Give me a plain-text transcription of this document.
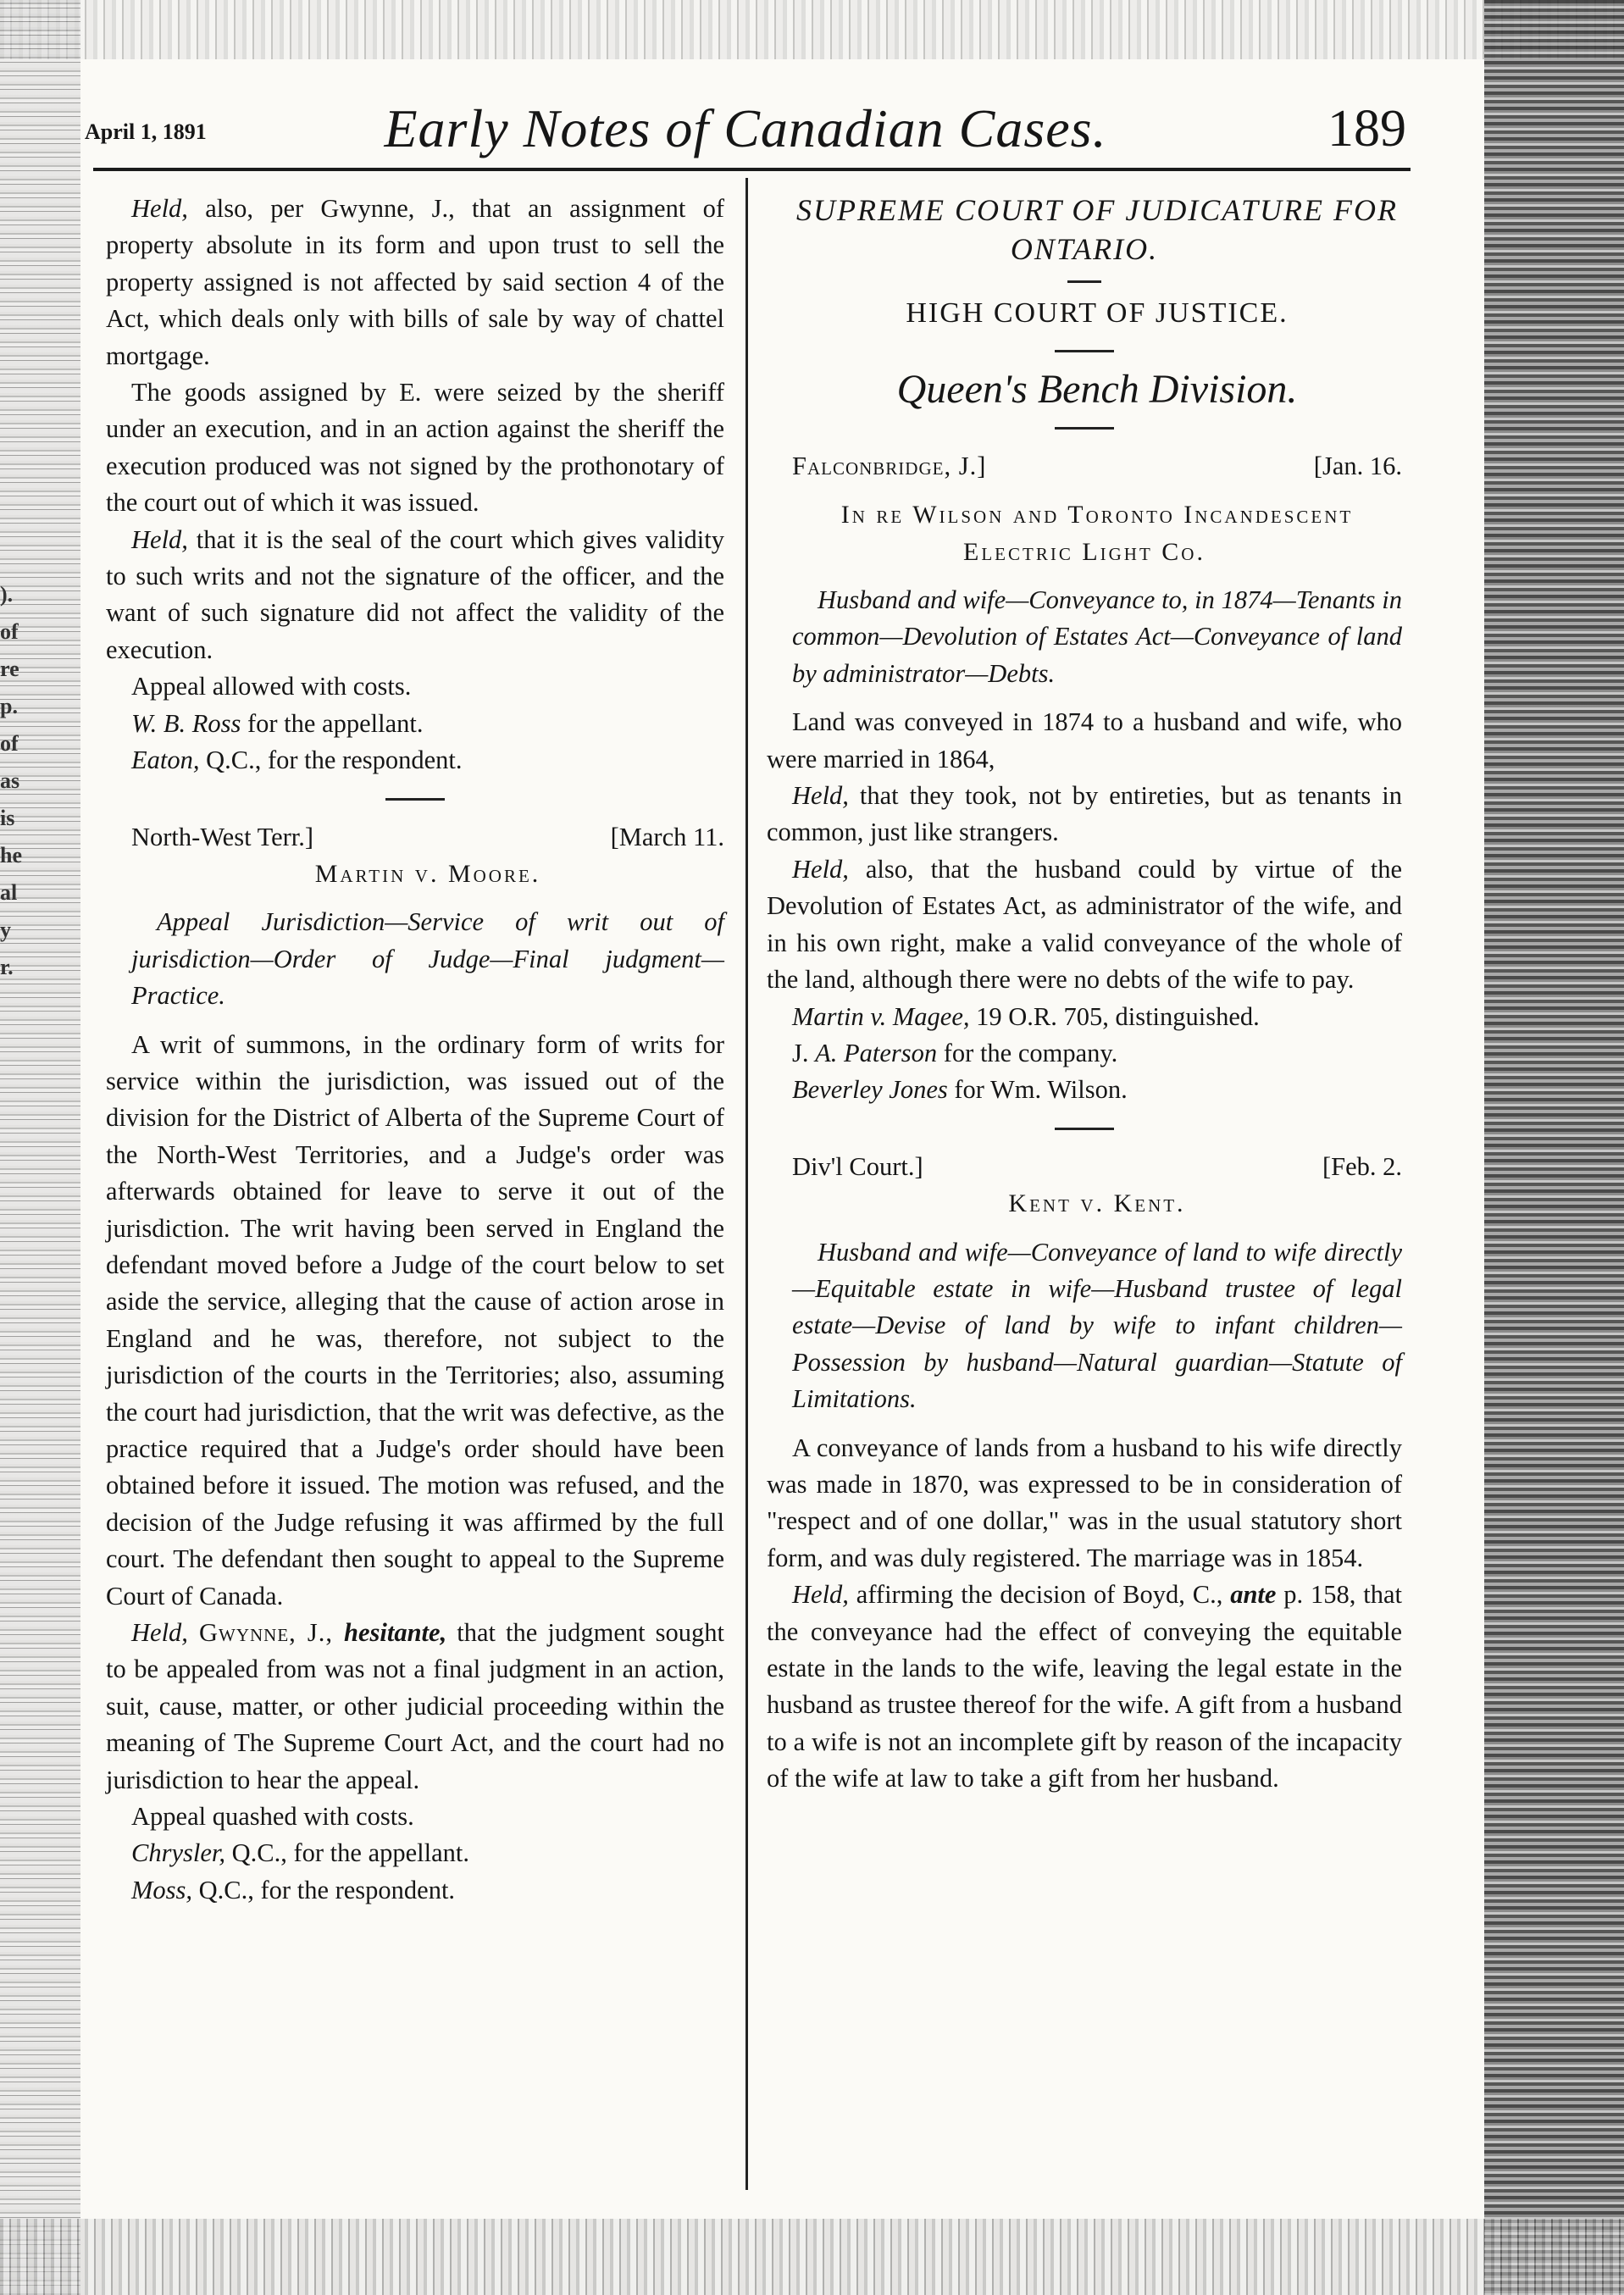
).
of
re
p.
of
as
is
he
al
y
r.
April 1, 1891	Early Notes of Canadian Cases.	189

Held, also, per Gwynne, J., that an assignment of property absolute in its form and upon trust to sell the property assigned is not affected by said section 4 of the Act, which deals only with bills of sale by way of chattel mortgage.

The goods assigned by E. were seized by the sheriff under an execution, and in an action against the sheriff the execution produced was not signed by the prothonotary of the court out of which it was issued.

Held, that it is the seal of the court which gives validity to such writs and not the signature of the officer, and the want of such signature did not affect the validity of the execution.

Appeal allowed with costs.

W. B. Ross for the appellant.

Eaton, Q.C., for the respondent.

North-West Terr.]	[March 11.

Martin v. Moore.

Appeal Jurisdiction—Service of writ out of jurisdiction—Order of Judge—Final judgment—Practice.

A writ of summons, in the ordinary form of writs for service within the jurisdiction, was issued out of the division for the District of Alberta of the Supreme Court of the North-West Territories, and a Judge's order was afterwards obtained for leave to serve it out of the jurisdiction. The writ having been served in England the defendant moved before a Judge of the court below to set aside the service, alleging that the cause of action arose in England and he was, therefore, not subject to the jurisdiction of the courts in the Territories; also, assuming the court had jurisdiction, that the writ was defective, as the practice required that a Judge's order should have been obtained before it issued. The motion was refused, and the decision of the Judge refusing it was affirmed by the full court. The defendant then sought to appeal to the Supreme Court of Canada.

Held, Gwynne, J., hesitante, that the judgment sought to be appealed from was not a final judgment in an action, suit, cause, matter, or other judicial proceeding within the meaning of The Supreme Court Act, and the court had no jurisdiction to hear the appeal.

Appeal quashed with costs.

Chrysler, Q.C., for the appellant.

Moss, Q.C., for the respondent.

SUPREME COURT OF JUDICATURE FOR ONTARIO.

HIGH COURT OF JUSTICE.

Queen's Bench Division.

Falconbridge, J.]	[Jan. 16.

In re Wilson and Toronto Incandescent Electric Light Co.

Husband and wife—Conveyance to, in 1874—Tenants in common—Devolution of Estates Act—Conveyance of land by administrator—Debts.

Land was conveyed in 1874 to a husband and wife, who were married in 1864,

Held, that they took, not by entireties, but as tenants in common, just like strangers.

Held, also, that the husband could by virtue of the Devolution of Estates Act, as administrator of the wife, and in his own right, make a valid conveyance of the whole of the land, although there were no debts of the wife to pay.

Martin v. Magee, 19 O.R. 705, distinguished.

J. A. Paterson for the company.

Beverley Jones for Wm. Wilson.

Div'l Court.]	[Feb. 2.

Kent v. Kent.

Husband and wife—Conveyance of land to wife directly—Equitable estate in wife—Husband trustee of legal estate—Devise of land by wife to infant children—Possession by husband—Natural guardian—Statute of Limitations.

A conveyance of lands from a husband to his wife directly was made in 1870, was expressed to be in consideration of "respect and of one dollar," was in the usual statutory short form, and was duly registered. The marriage was in 1854.

Held, affirming the decision of Boyd, C., ante p. 158, that the conveyance had the effect of conveying the equitable estate in the lands to the wife, leaving the legal estate in the husband as trustee thereof for the wife. A gift from a husband to a wife is not an incomplete gift by reason of the incapacity of the wife at law to take a gift from her husband.
